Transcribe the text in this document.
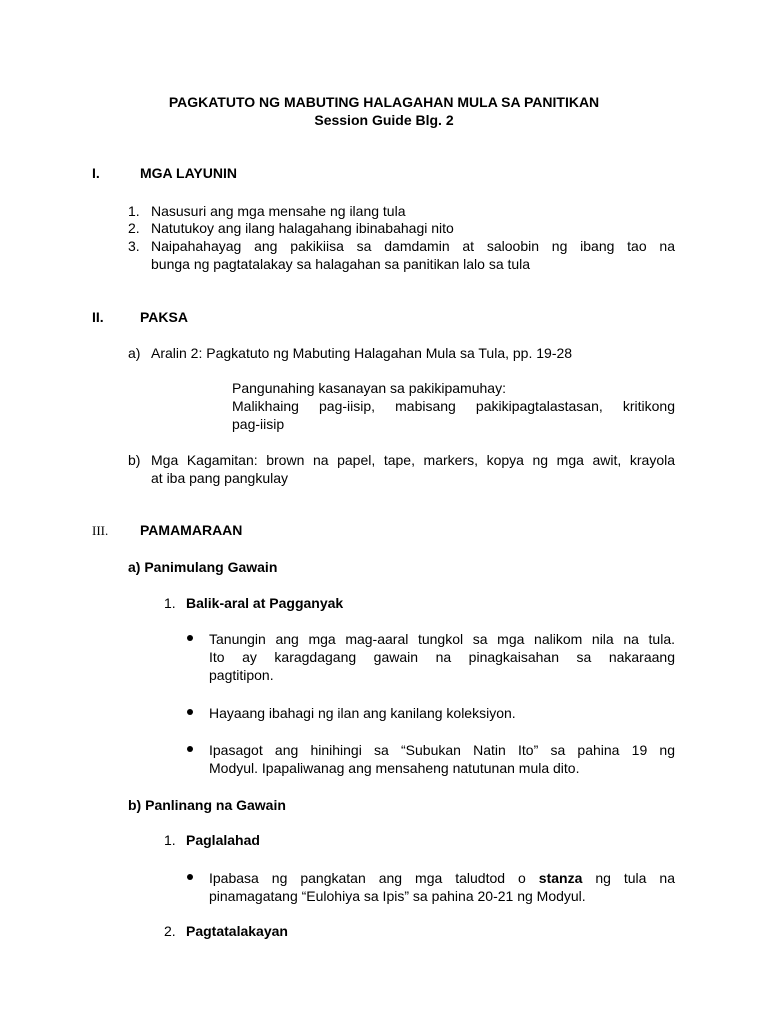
PAGKATUTO NG MABUTING HALAGAHAN MULA SA PANITIKAN
Session Guide Blg. 2
I.	MGA LAYUNIN
1. Nasusuri ang mga mensahe ng ilang tula
2. Natutukoy ang ilang halagahang ibinabahagi nito
3. Naipahahayag ang pakikiisa sa damdamin at saloobin ng ibang tao na
bunga ng pagtatalakay sa halagahan sa panitikan lalo sa tula
II.	PAKSA
a) Aralin 2: Pagkatuto ng Mabuting Halagahan Mula sa Tula, pp. 19-28
Pangunahing kasanayan sa pakikipamuhay:
Malikhaing pag-iisip, mabisang pakikipagtalastasan, kritikong
pag-iisip
b) Mga Kagamitan: brown na papel, tape, markers, kopya ng mga awit, krayola
at iba pang pangkulay
III. PAMAMARAAN
a) Panimulang Gawain
1. Balik-aral at Pagganyak
Tanungin ang mga mag-aaral tungkol sa mga nalikom nila na tula.
Ito ay karagdagang gawain na pinagkaisahan sa nakaraang
pagtitipon.
Hayaang ibahagi ng ilan ang kanilang koleksiyon.
Ipasagot ang hinihingi sa “Subukan Natin Ito” sa pahina 19 ng
Modyul. Ipapaliwanag ang mensaheng natutunan mula dito.
b) Panlinang na Gawain
1. Paglalahad
Ipabasa ng pangkatan ang mga taludtod o stanza ng tula na
pinamagatang “Eulohiya sa Ipis” sa pahina 20-21 ng Modyul.
2. Pagtatalakayan
